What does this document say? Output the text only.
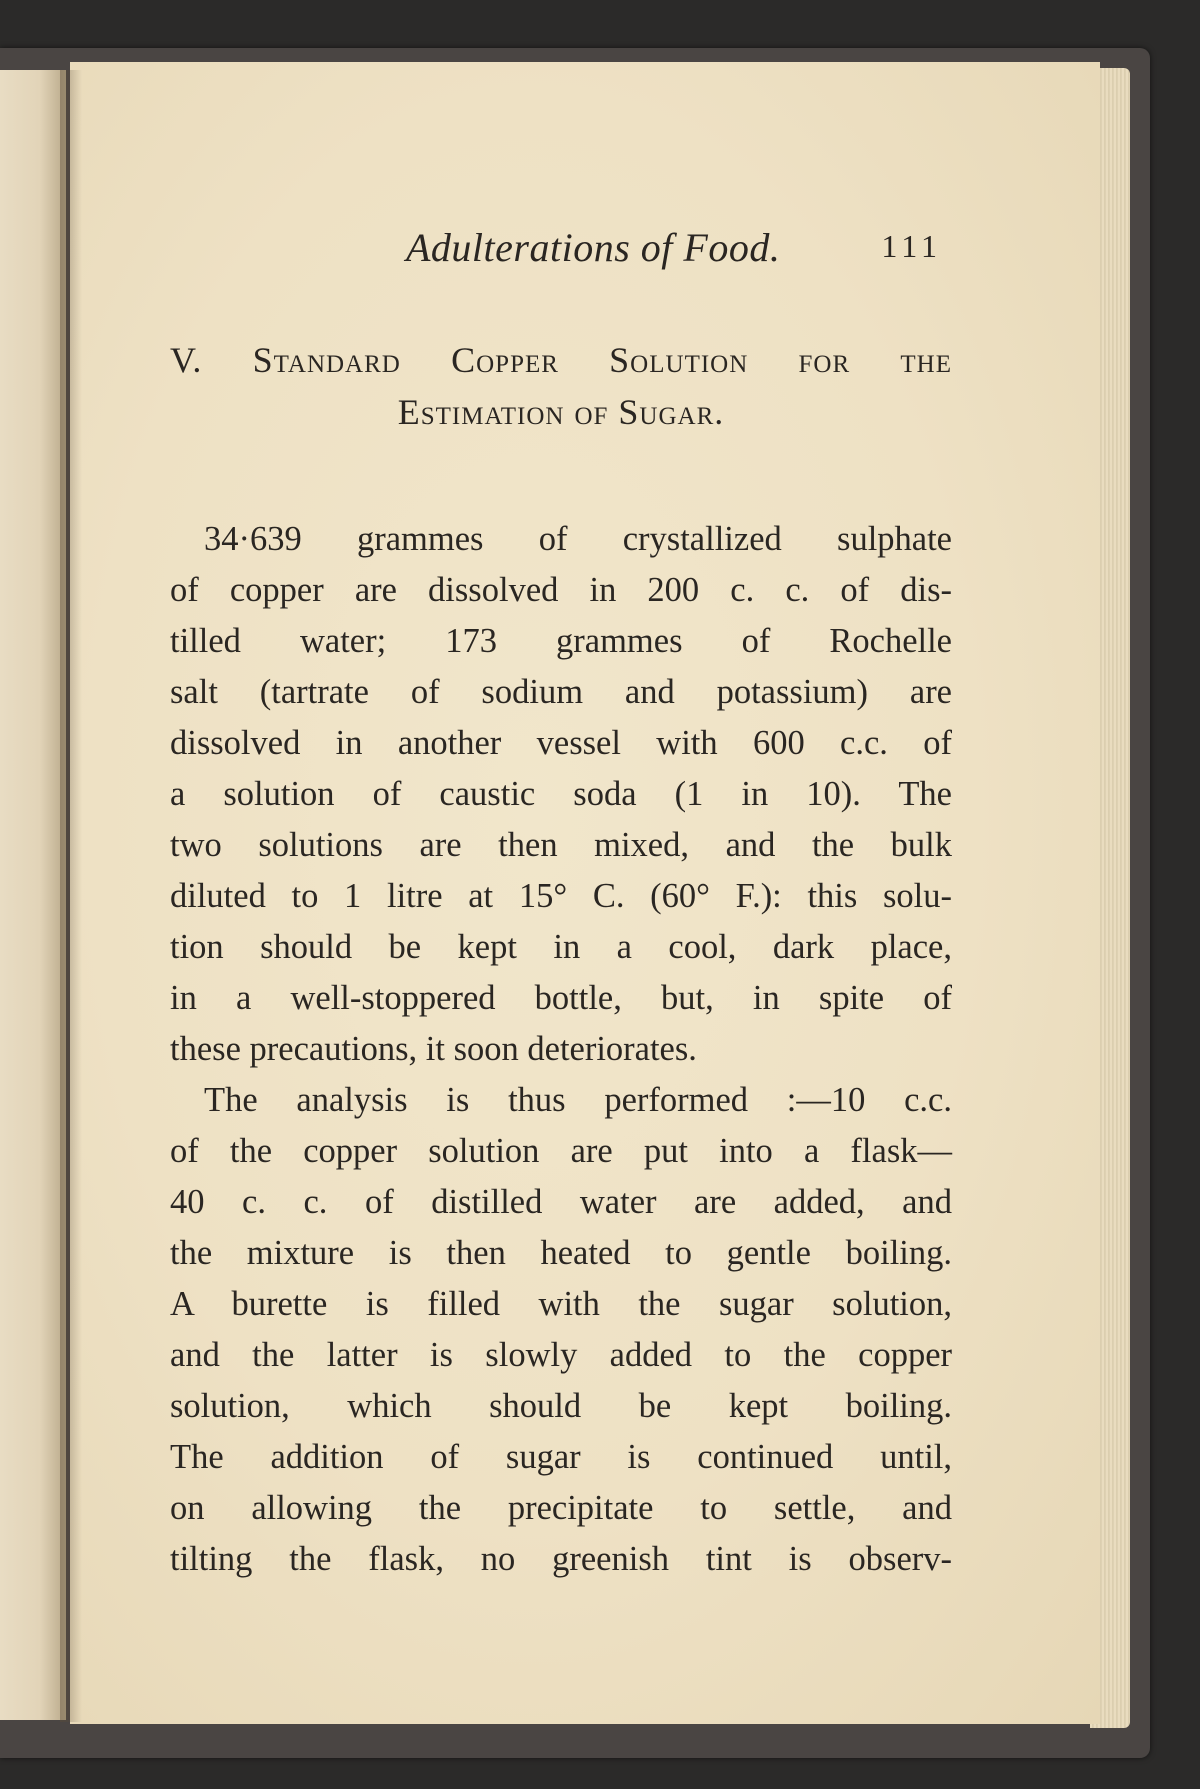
Adulterations of Food.	111
V. Standard Copper Solution for the
Estimation of Sugar.
34·639 grammes of crystallized sulphate
of copper are dissolved in 200 c. c. of dis-
tilled water; 173 grammes of Rochelle
salt (tartrate of sodium and potassium) are
dissolved in another vessel with 600 c.c. of
a solution of caustic soda (1 in 10). The
two solutions are then mixed, and the bulk
diluted to 1 litre at 15° C. (60° F.): this solu-
tion should be kept in a cool, dark place,
in a well-stoppered bottle, but, in spite of
these precautions, it soon deteriorates.
The analysis is thus performed :—10 c.c.
of the copper solution are put into a flask—
40 c. c. of distilled water are added, and
the mixture is then heated to gentle boiling.
A burette is filled with the sugar solution,
and the latter is slowly added to the copper
solution, which should be kept boiling.
The addition of sugar is continued until,
on allowing the precipitate to settle, and
tilting the flask, no greenish tint is observ-
